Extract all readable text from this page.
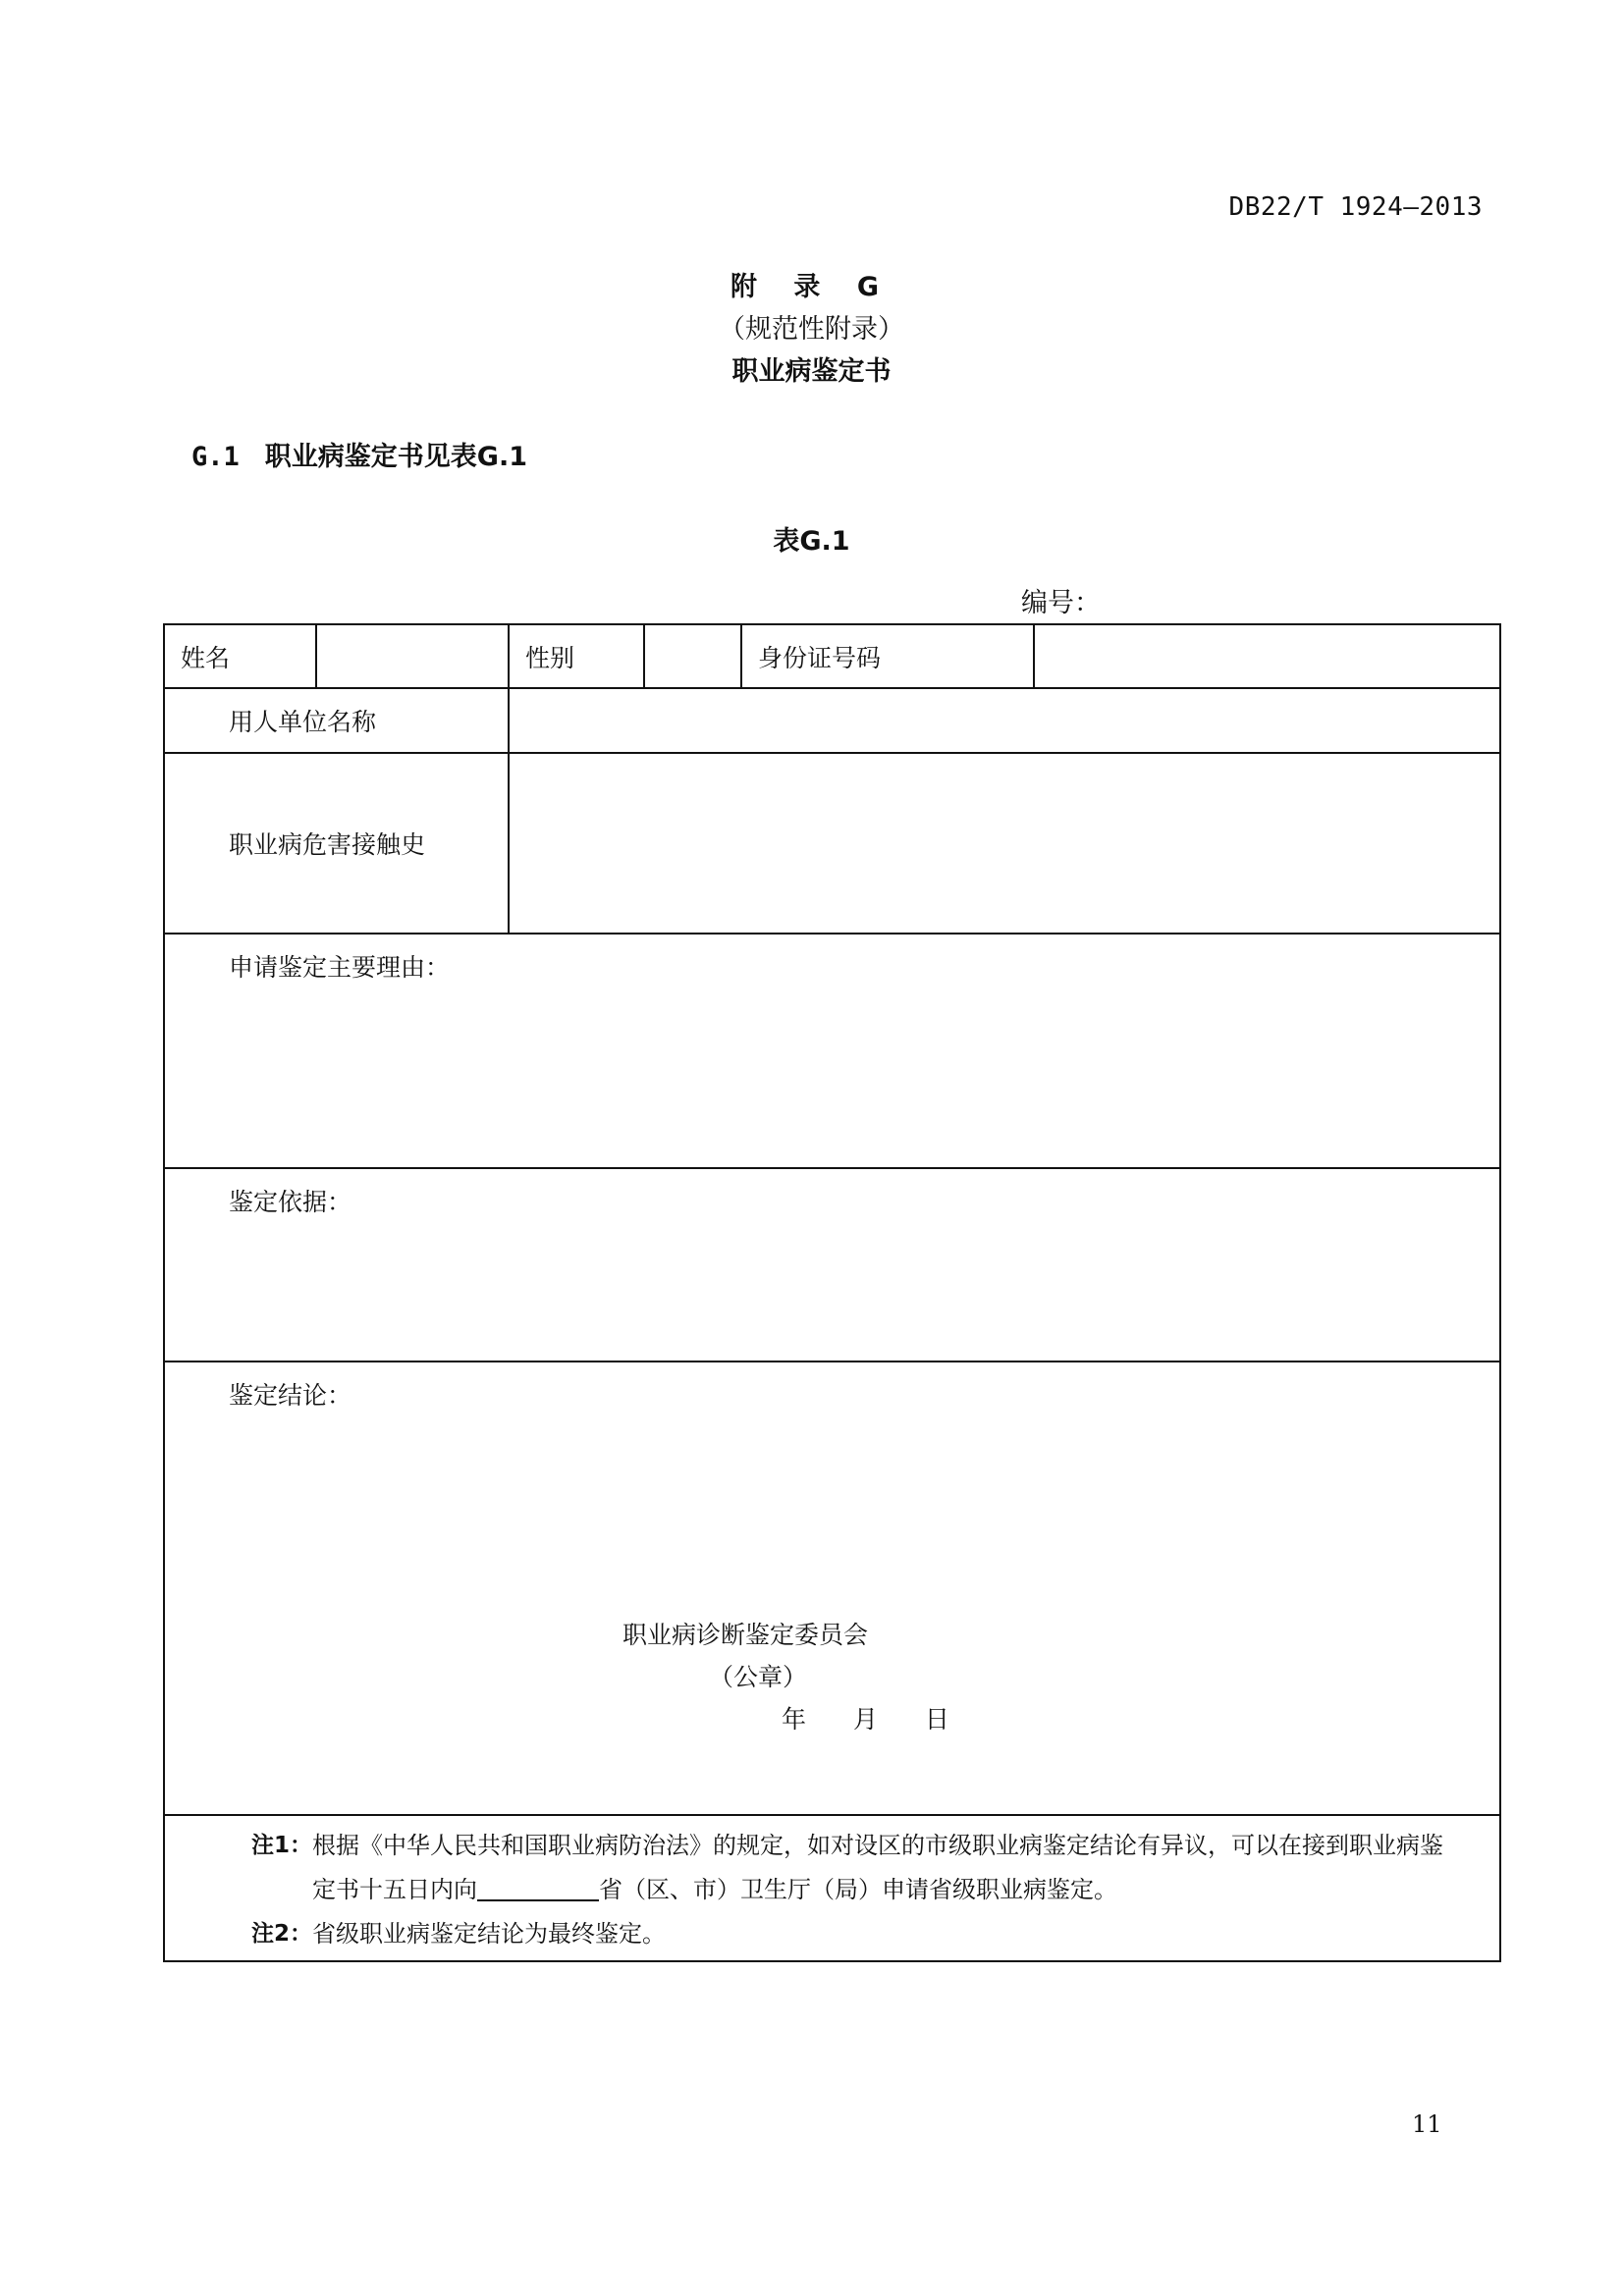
DB22/T 1924—2013
附 录 G
（规范性附录）
职业病鉴定书
G.1 职业病鉴定书见表G.1
表G.1
编号：
姓名		性别		身份证号码	
用人单位名称					
职业病危害接触史					
申请鉴定主要理由：					
鉴定依据：					
鉴定结论：
职业病诊断鉴定委员会
（公章）
年 月 日					

注1： 根据《中华人民共和国职业病防治法》的规定，如对设区的市级职业病鉴定结论有异议，可以在接到职业病鉴
定书十五日内向 省（区、市）卫生厅（局）申请省级职业病鉴定。
注2： 省级职业病鉴定结论为最终鉴定。					
11
